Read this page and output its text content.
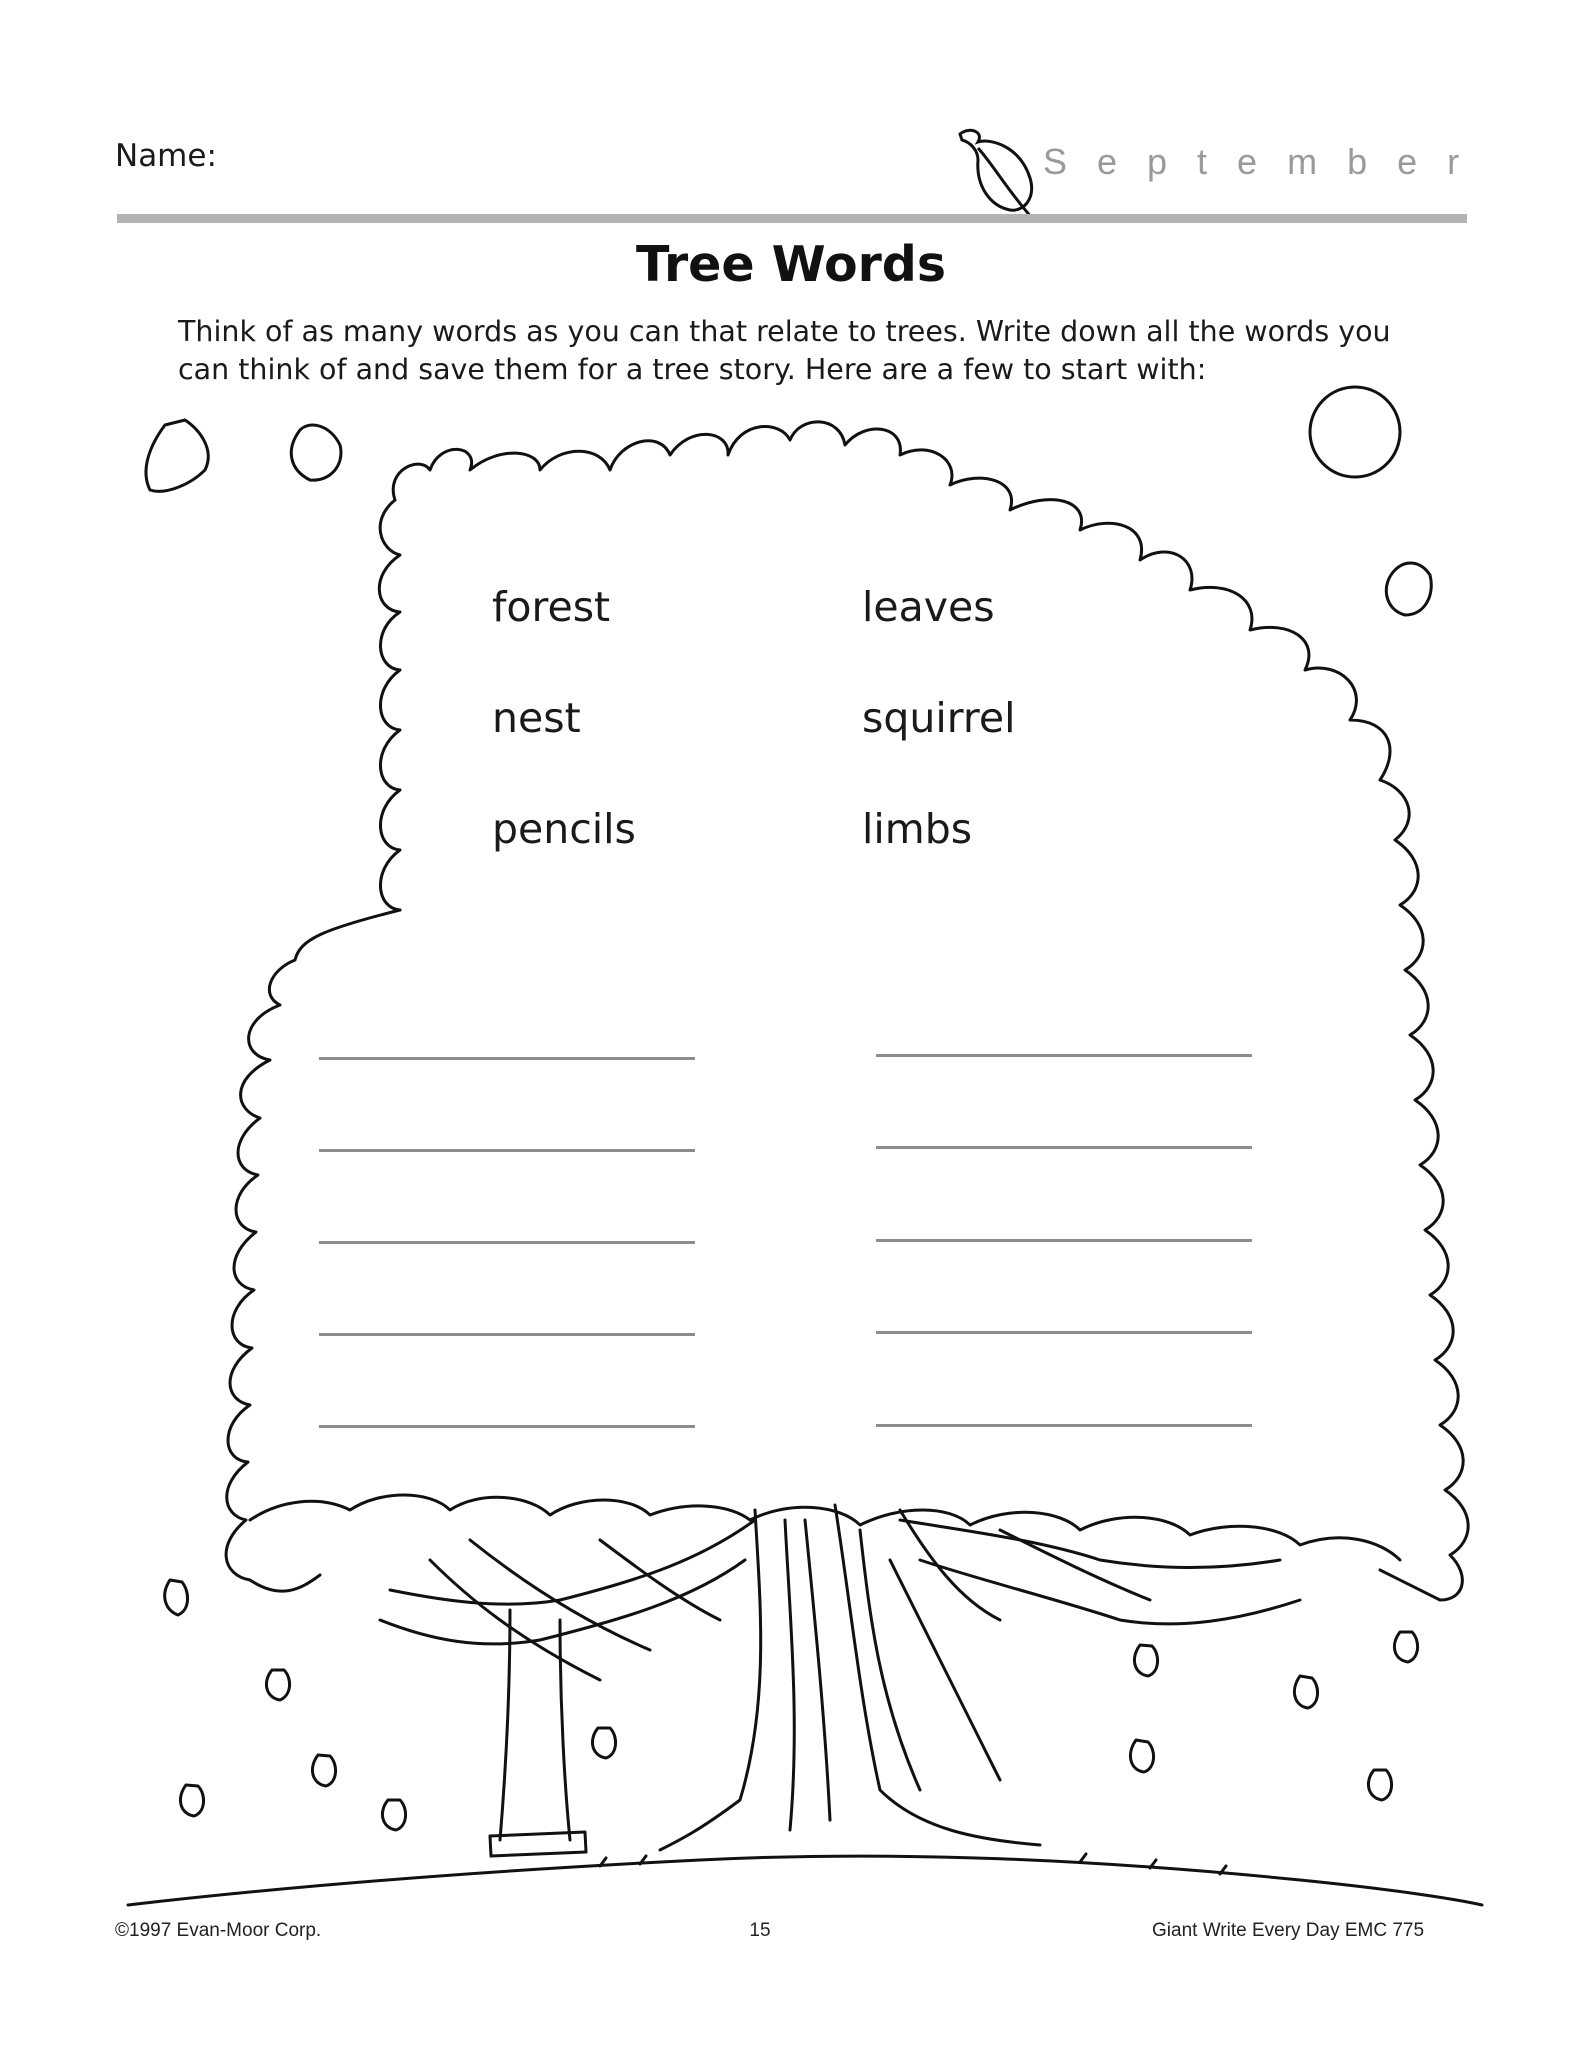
Name:	September
Tree Words
Think of as many words as you can that relate to trees. Write down all the words you can think of and save them for a tree story. Here are a few to start with:
forest	leaves
nest	squirrel
pencils	limbs
©1997 Evan-Moor Corp.	15	Giant Write Every Day EMC 775
